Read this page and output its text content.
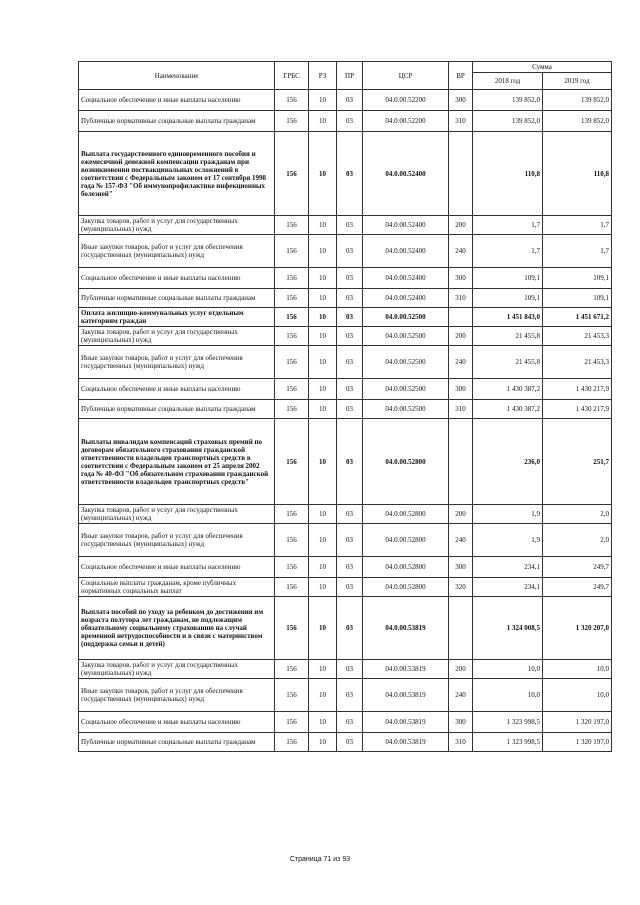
Наименование	ГРБС	РЗ	ПР	ЦСР	ВР	Сумма	
						2018 год	2019 год
Социальное обеспечение и иные выплаты населению	156	10	03	04.0.00.52200	300	139 852,0	139 852,0
Публичные нормативные социальные выплаты гражданам	156	10	03	04.0.00.52200	310	139 852,0	139 852,0
Выплата государственного единовременного пособия и ежемесячной денежной компенсации гражданам при возникновении поствакцинальных осложнений в соответствии с Федеральным законом от 17 сентября 1998 года № 157-ФЗ "Об иммунопрофилактике инфекционных болезней"	156	10	03	04.0.00.52400		110,8	110,8
Закупка товаров, работ и услуг для государственных (муниципальных) нужд	156	10	03	04.0.00.52400	200	1,7	1,7
Иные закупки товаров, работ и услуг для обеспечения государственных (муниципальных) нужд	156	10	03	04.0.00.52400	240	1,7	1,7
Социальное обеспечение и иные выплаты населению	156	10	03	04.0.00.52400	300	109,1	109,1
Публичные нормативные социальные выплаты гражданам	156	10	03	04.0.00.52400	310	109,1	109,1
Оплата жилищно-коммунальных услуг отдельным категориям граждан	156	10	03	04.0.00.52500		1 451 843,0	1 451 671,2
Закупка товаров, работ и услуг для государственных (муниципальных) нужд	156	10	03	04.0.00.52500	200	21 455,8	21 453,3
Иные закупки товаров, работ и услуг для обеспечения государственных (муниципальных) нужд	156	10	03	04.0.00.52500	240	21 455,8	21 453,3
Социальное обеспечение и иные выплаты населению	156	10	03	04.0.00.52500	300	1 430 387,2	1 430 217,9
Публичные нормативные социальные выплаты гражданам	156	10	03	04.0.00.52500	310	1 430 387,2	1 430 217,9
Выплаты инвалидам компенсаций страховых премий по договорам обязательного страхования гражданской ответственности владельцев транспортных средств в соответствии с Федеральным законом от 25 апреля 2002 года № 40-ФЗ "Об обязательном страховании гражданской ответственности владельцев транспортных средств"	156	10	03	04.0.00.52800		236,0	251,7
Закупка товаров, работ и услуг для государственных (муниципальных) нужд	156	10	03	04.0.00.52800	200	1,9	2,0
Иные закупки товаров, работ и услуг для обеспечения государственных (муниципальных) нужд	156	10	03	04.0.00.52800	240	1,9	2,0
Социальное обеспечение и иные выплаты населению	156	10	03	04.0.00.52800	300	234,1	249,7
Социальные выплаты гражданам, кроме публичных нормативных социальных выплат	156	10	03	04.0.00.52800	320	234,1	249,7
Выплата пособий по уходу за ребенком до достижения им возраста полутора лет гражданам, не подлежащим обязательному социальному страхованию на случай временной нетрудоспособности и в связи с материнством (поддержка семьи и детей)	156	10	03	04.0.00.53819		1 324 008,5	1 320 207,0
Закупка товаров, работ и услуг для государственных (муниципальных) нужд	156	10	03	04.0.00.53819	200	10,0	10,0
Иные закупки товаров, работ и услуг для обеспечения государственных (муниципальных) нужд	156	10	03	04.0.00.53819	240	10,0	10,0
Социальное обеспечение и иные выплаты населению	156	10	03	04.0.00.53819	300	1 323 998,5	1 320 197,0
Публичные нормативные социальные выплаты гражданам	156	10	03	04.0.00.53819	310	1 323 998,5	1 320 197,0
Страница 71 из 93
